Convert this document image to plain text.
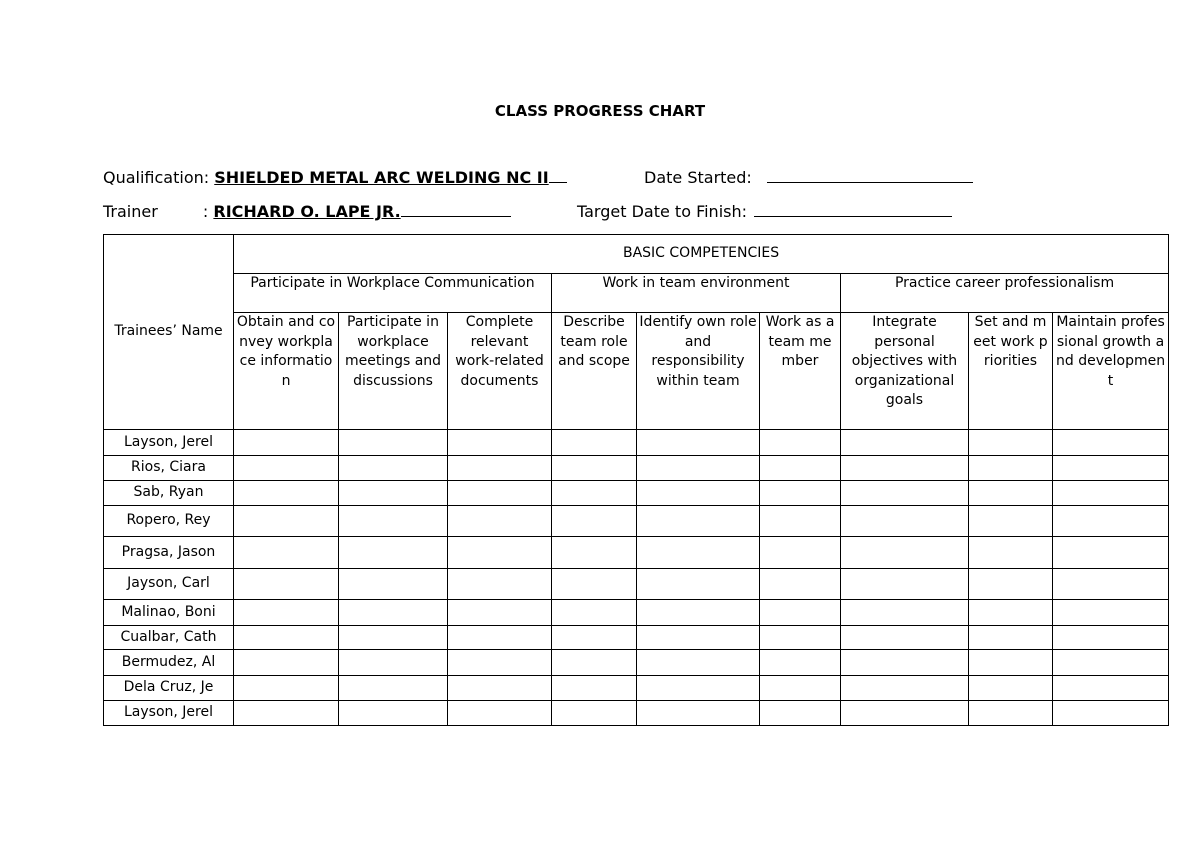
CLASS PROGRESS CHART
Qualification: SHIELDED METAL ARC WELDING NC II	Date Started:
Trainer	: RICHARD O. LAPE JR.	Target Date to Finish:
Trainees’ Name	BASIC COMPETENCIES								
	Participate in Workplace Communication			Work in team environment			Practice career professionalism		
	Obtain and convey workplace information	Participate in workplace meetings and discussions	Complete relevant work-related documents	Describe team role and scope	Identify own role and responsibility within team	Work as a team member	Integrate personal objectives with organizational goals	Set and meet work priorities	Maintain professional growth and development
Layson, Jerel									
Rios, Ciara									
Sab, Ryan									
Ropero, Rey									
Pragsa, Jason									
Jayson, Carl									
Malinao, Boni									
Cualbar, Cath									
Bermudez, Al									
Dela Cruz, Je									
Layson, Jerel									
